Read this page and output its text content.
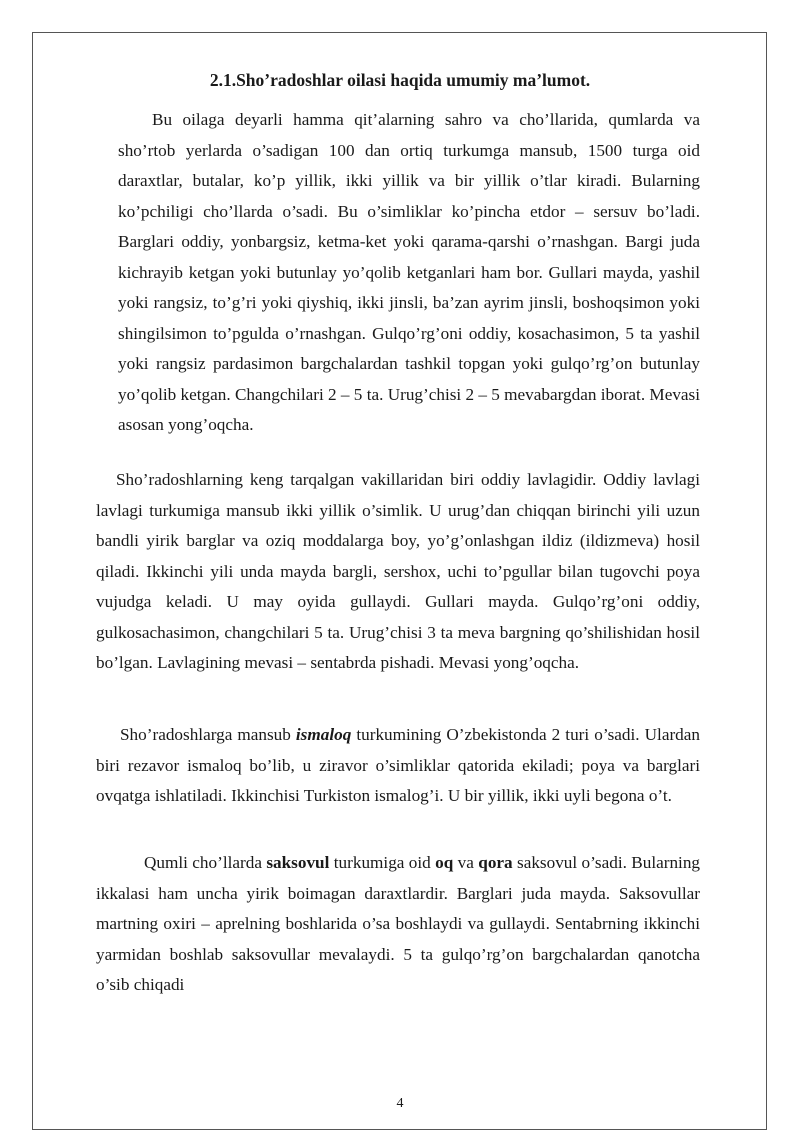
2.1.Sho’radoshlar oilasi haqida umumiy ma’lumot.

Bu oilaga deyarli hamma qit’alarning sahro va cho’llarida, qumlarda va sho’rtob yerlarda o’sadigan 100 dan ortiq turkumga mansub, 1500 turga oid daraxtlar, butalar, ko’p yillik, ikki yillik va bir yillik o’tlar kiradi. Bularning ko’pchiligi cho’llarda o’sadi. Bu o’simliklar ko’pincha etdor – sersuv bo’ladi. Barglari oddiy, yonbargsiz, ketma-ket yoki qarama-qarshi o’rnashgan. Bargi juda kichrayib ketgan yoki butunlay yo’qolib ketganlari ham bor. Gullari mayda, yashil yoki rangsiz, to’g’ri yoki qiyshiq, ikki jinsli, ba’zan ayrim jinsli, boshoqsimon yoki shingilsimon to’pgulda o’rnashgan. Gulqo’rg’oni oddiy, kosachasimon, 5 ta yashil yoki rangsiz pardasimon bargchalardan tashkil topgan yoki gulqo’rg’on butunlay yo’qolib ketgan. Changchilari 2 – 5 ta. Urug’chisi 2 – 5 mevabargdan iborat. Mevasi asosan yong’oqcha.

Sho’radoshlarning keng tarqalgan vakillaridan biri oddiy lavlagidir. Oddiy lavlagi lavlagi turkumiga mansub ikki yillik o’simlik. U urug’dan chiqqan birinchi yili uzun bandli yirik barglar va oziq moddalarga boy, yo’g’onlashgan ildiz (ildizmeva) hosil qiladi. Ikkinchi yili unda mayda bargli, sershox, uchi to’pgullar bilan tugovchi poya vujudga keladi. U may oyida gullaydi. Gullari mayda. Gulqo’rg’oni oddiy, gulkosachasimon, changchilari 5 ta. Urug’chisi 3 ta meva bargning qo’shilishidan hosil bo’lgan. Lavlagining mevasi – sentabrda pishadi. Mevasi yong’oqcha.

Sho’radoshlarga mansub ismaloq turkumining O’zbekistonda 2 turi o’sadi. Ulardan biri rezavor ismaloq bo’lib, u ziravor o’simliklar qatorida ekiladi; poya va barglari ovqatga ishlatiladi. Ikkinchisi Turkiston ismalog’i. U bir yillik, ikki uyli begona o’t.

Qumli cho’llarda saksovul turkumiga oid oq va qora saksovul o’sadi. Bularning ikkalasi ham uncha yirik boimagan daraxtlardir. Barglari juda mayda. Saksovullar martning oxiri – aprelning boshlarida o’sa boshlaydi va gullaydi. Sentabrning ikkinchi yarmidan boshlab saksovullar mevalaydi. 5 ta gulqo’rg’on bargchalardan qanotcha o’sib chiqadi

4
